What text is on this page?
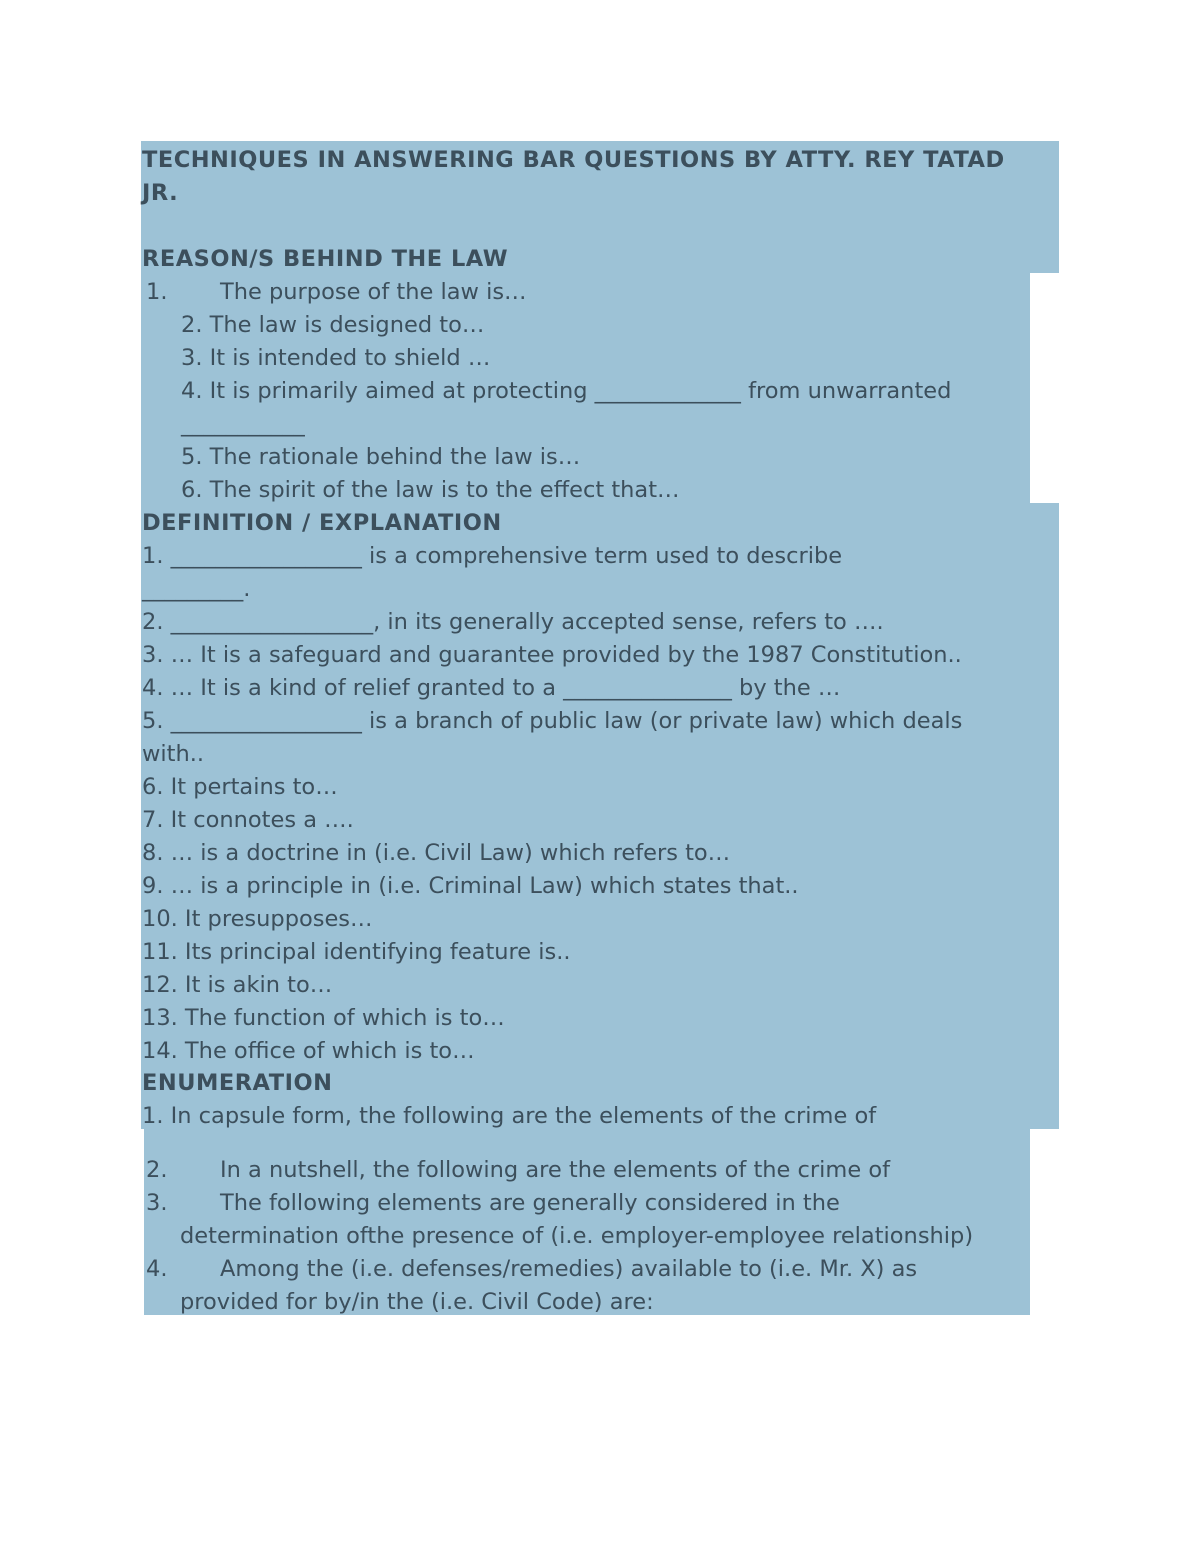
TECHNIQUES IN ANSWERING BAR QUESTIONS BY ATTY. REY TATAD
JR.
REASON/S BEHIND THE LAW
1. The purpose of the law is…
2. The law is designed to…
3. It is intended to shield …
4. It is primarily aimed at protecting _____________ from unwarranted
___________
5. The rationale behind the law is…
6. The spirit of the law is to the effect that…
DEFINITION / EXPLANATION
1. _________________ is a comprehensive term used to describe
_________.
2. __________________, in its generally accepted sense, refers to ….
3. … It is a safeguard and guarantee provided by the 1987 Constitution..
4. … It is a kind of relief granted to a _______________ by the …
5. _________________ is a branch of public law (or private law) which deals
with..
6. It pertains to…
7. It connotes a ….
8. … is a doctrine in (i.e. Civil Law) which refers to…
9. … is a principle in (i.e. Criminal Law) which states that..
10. It presupposes…
11. Its principal identifying feature is..
12. It is akin to…
13. The function of which is to…
14. The office of which is to…
ENUMERATION
1. In capsule form, the following are the elements of the crime of
2. In a nutshell, the following are the elements of the crime of
3. The following elements are generally considered in the
determination ofthe presence of (i.e. employer-employee relationship)
4. Among the (i.e. defenses/remedies) available to (i.e. Mr. X) as
provided for by/in the (i.e. Civil Code) are:
